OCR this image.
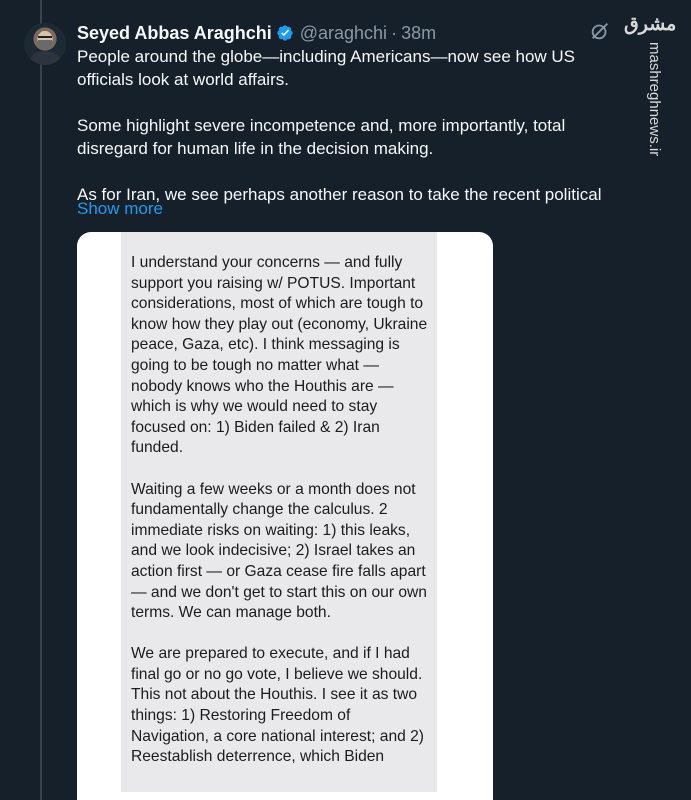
Seyed Abbas Araghchi @araghchi · 38m	مشرق
mashreghnews.ir

People around the globe—including Americans—now see how US officials look at world affairs.

Some highlight severe incompetence and, more importantly, total disregard for human life in the decision making.

As for Iran, we see perhaps another reason to take the recent political

Show more

I understand your concerns — and fully support you raising w/ POTUS. Important considerations, most of which are tough to know how they play out (economy, Ukraine peace, Gaza, etc). I think messaging is going to be tough no matter what — nobody knows who the Houthis are — which is why we would need to stay focused on: 1) Biden failed & 2) Iran funded.

Waiting a few weeks or a month does not fundamentally change the calculus. 2 immediate risks on waiting: 1) this leaks, and we look indecisive; 2) Israel takes an action first — or Gaza cease fire falls apart — and we don't get to start this on our own terms. We can manage both.

We are prepared to execute, and if I had final go or no go vote, I believe we should. This not about the Houthis. I see it as two things: 1) Restoring Freedom of Navigation, a core national interest; and 2) Reestablish deterrence, which Biden
